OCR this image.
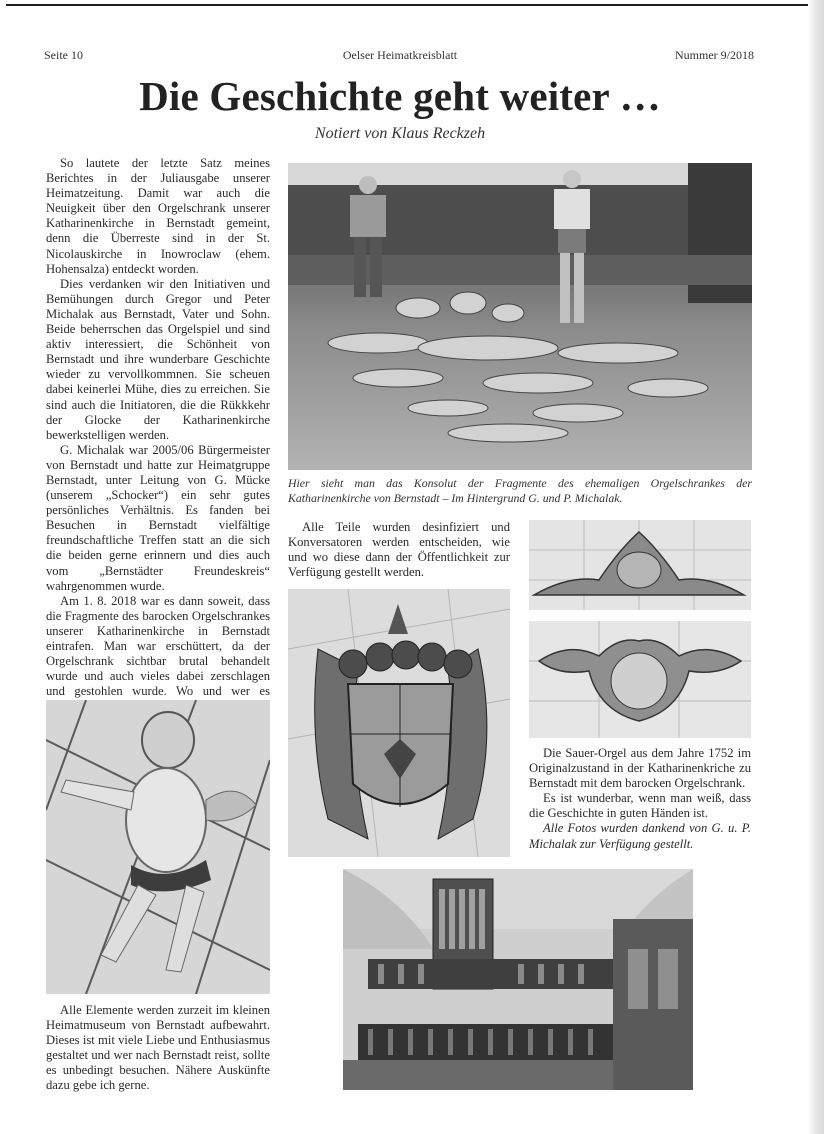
Seite 10	Oelser Heimatkreisblatt	Nummer 9/2018
Die Geschichte geht weiter …
Notiert von Klaus Reckzeh

So lautete der letzte Satz meines Berichtes in der Juliausgabe unserer Heimatzeitung. Damit war auch die Neuigkeit über den Orgelschrank unserer Katharinenkirche in Bernstadt gemeint, denn die Überreste sind in der St. Nicolauskirche in Inowroclaw (ehem. Hohensalza) entdeckt worden.

Dies verdanken wir den Initiativen und Bemühungen durch Gregor und Peter Michalak aus Bernstadt, Vater und Sohn. Beide beherrschen das Orgelspiel und sind aktiv interessiert, die Schönheit von Bernstadt und ihre wunderbare Geschichte wieder zu vervollkommnen. Sie scheuen dabei keinerlei Mühe, dies zu erreichen. Sie sind auch die Initiatoren, die die Rükkkehr der Glocke der Katharinenkirche bewerkstelligen werden.

G. Michalak war 2005/06 Bürgermeister von Bernstadt und hatte zur Heimatgruppe Bernstadt, unter Leitung von G. Mücke (unserem „Schocker“) ein sehr gutes persönliches Verhältnis. Es fanden bei Besuchen in Bernstadt vielfältige freundschaftliche Treffen statt an die sich die beiden gerne erinnern und dies auch vom „Bernstädter Freundeskreis“ wahrgenommen wurde.

Am 1. 8. 2018 war es dann soweit, dass die Fragmente des barocken Orgelschrankes unserer Katharinenkirche in Bernstadt eintrafen. Man war erschüttert, da der Orgelschrank sichtbar brutal behandelt wurde und auch vieles dabei zerschlagen und gestohlen wurde. Wo und wer es

Hier sieht man das Konsolut der Fragmente des ehemaligen Orgelschrankes der Katharinenkirche von Bernstadt – Im Hintergrund G. und P. Michalak.

Alle Teile wurden desinfiziert und Konversatoren werden entscheiden, wie und wo diese dann der Öffentlichkeit zur Verfügung gestellt werden.

Die Sauer-Orgel aus dem Jahre 1752 im Originalzustand in der Katharinenkriche zu Bernstadt mit dem barocken Orgelschrank.

Es ist wunderbar, wenn man weiß, dass die Geschichte in guten Händen ist.

Alle Fotos wurden dankend von G. u. P. Michalak zur Verfügung gestellt.

Alle Elemente werden zurzeit im kleinen Heimatmuseum von Bernstadt aufbewahrt. Dieses ist mit viele Liebe und Enthusiasmus gestaltet und wer nach Bernstadt reist, sollte es unbedingt besuchen. Nähere Auskünfte dazu gebe ich gerne.
